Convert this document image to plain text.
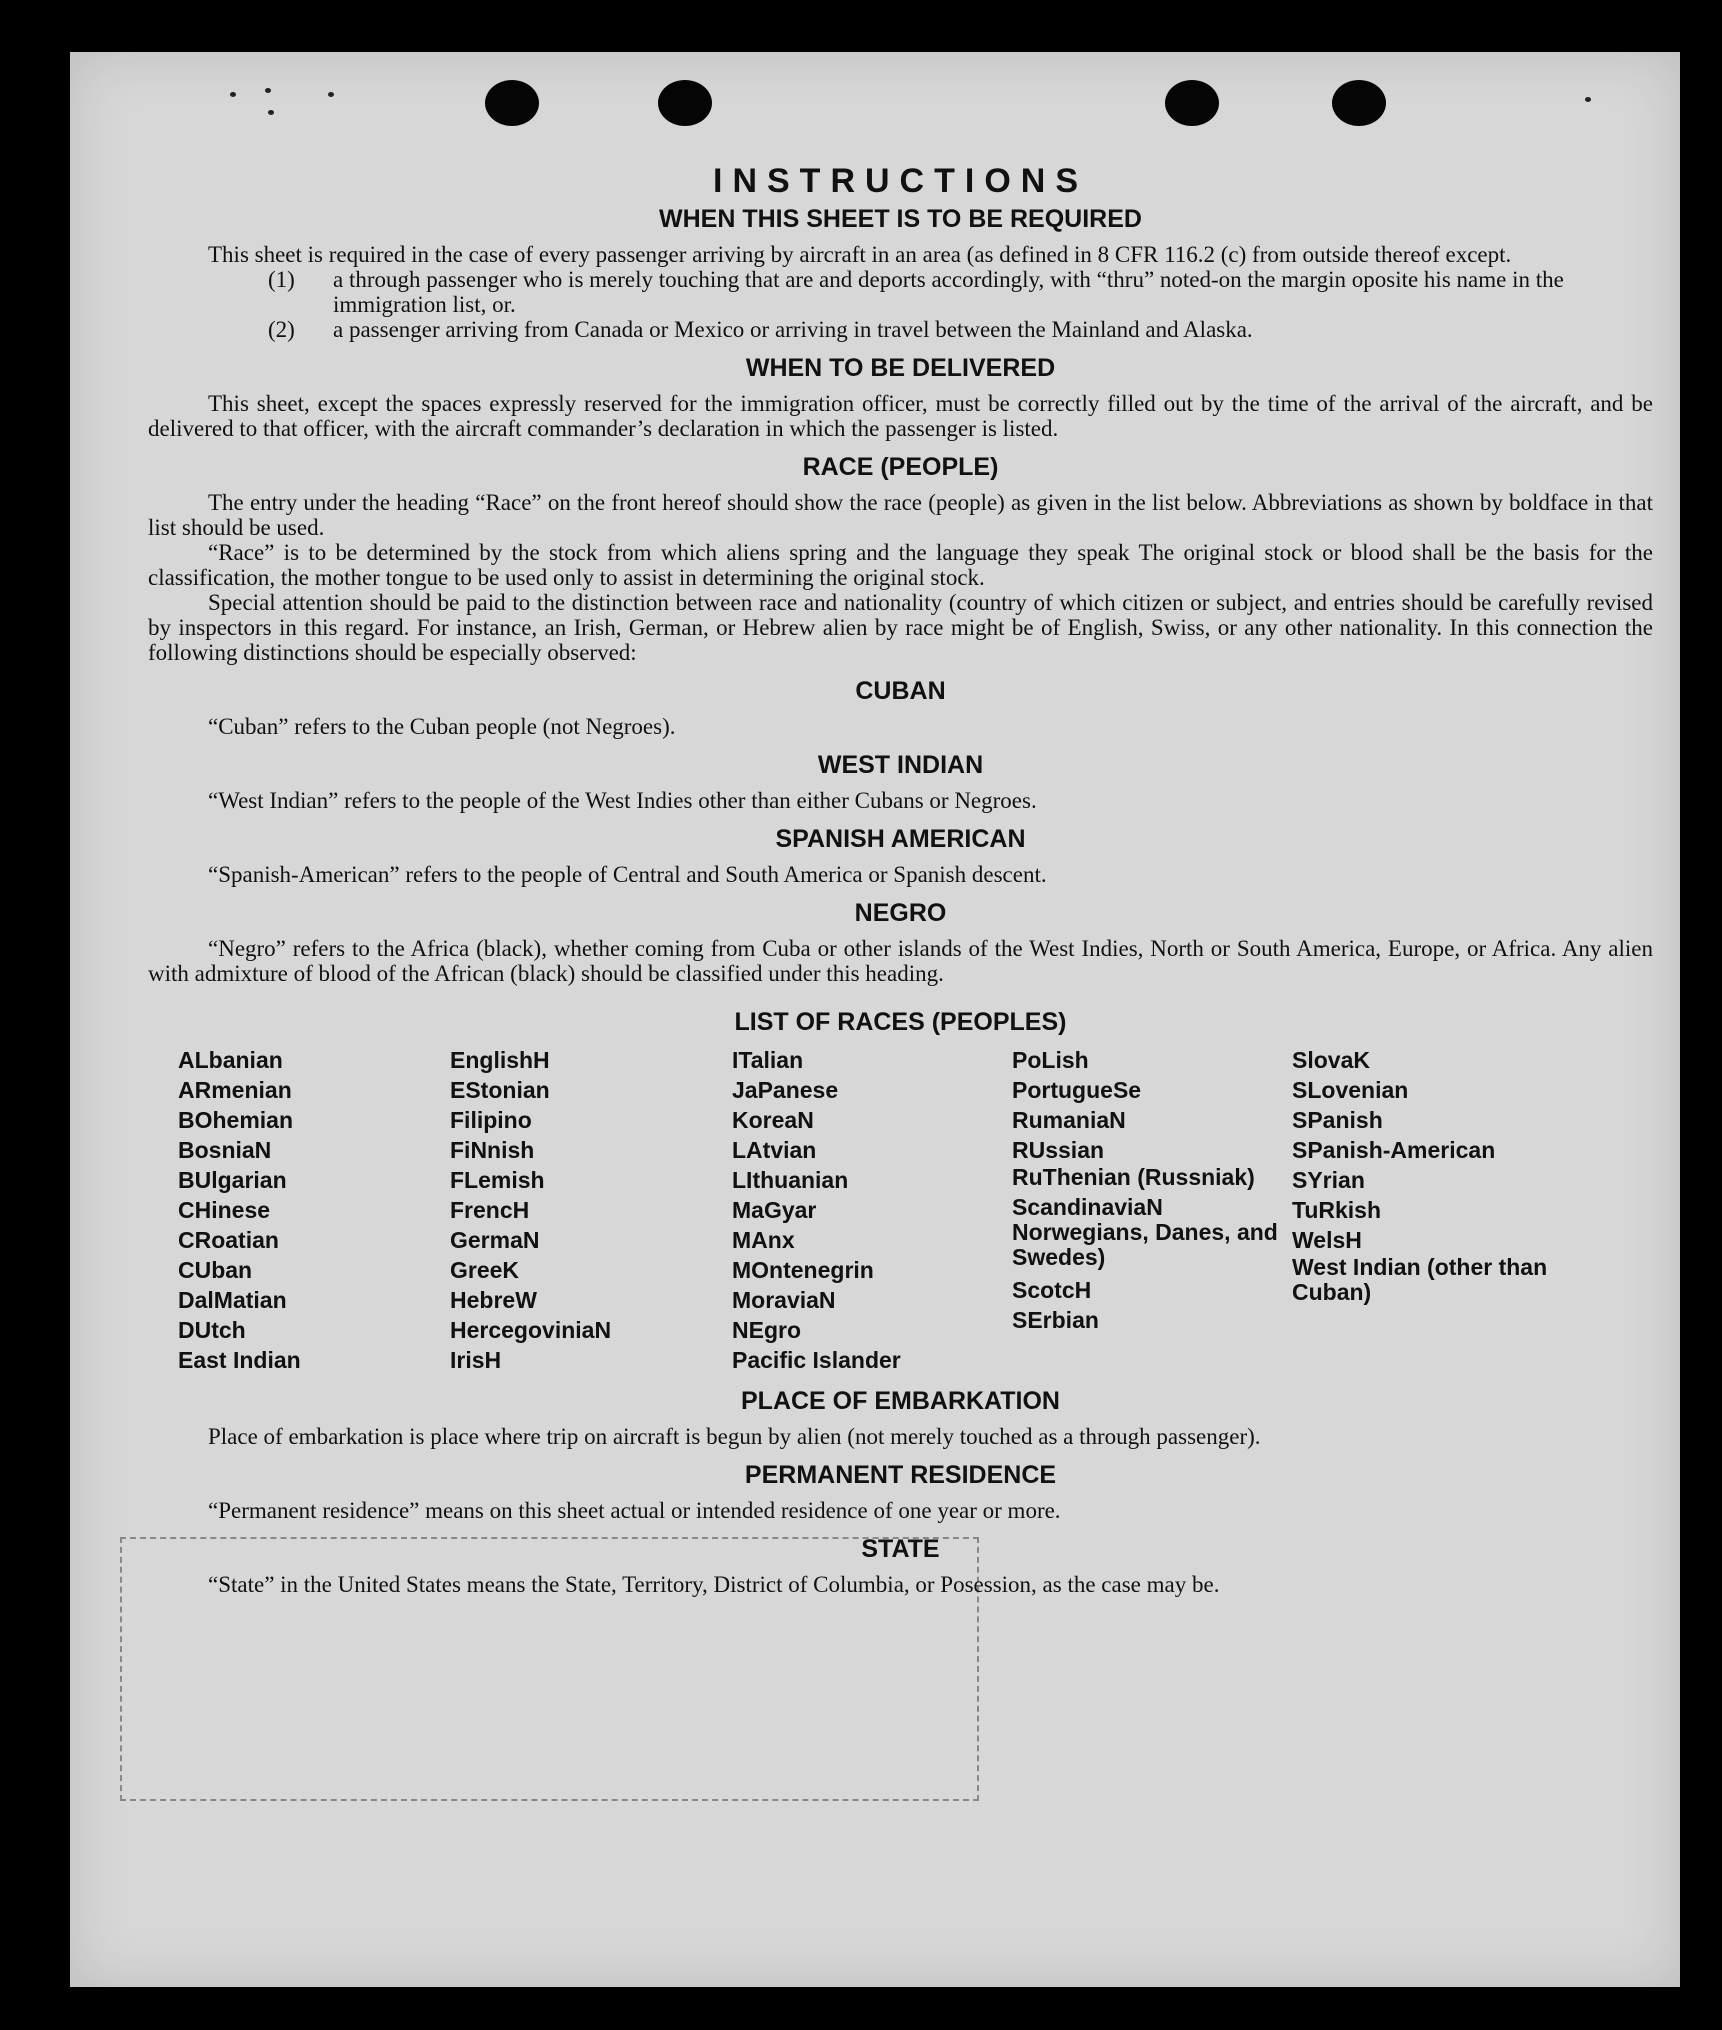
INSTRUCTIONS
WHEN THIS SHEET IS TO BE REQUIRED

This sheet is required in the case of every passenger arriving by aircraft in an area (as defined in 8 CFR 116.2 (c) from outside thereof except.

(1)	a through passenger who is merely touching that are and deports accordingly, with “thru” noted-on the margin oposite his name in the immigration list, or.
(2)	a passenger arriving from Canada or Mexico or arriving in travel between the Mainland and Alaska.
WHEN TO BE DELIVERED

This sheet, except the spaces expressly reserved for the immigration officer, must be correctly filled out by the time of the arrival of the aircraft, and be delivered to that officer, with the aircraft commander’s declaration in which the passenger is listed.

RACE (PEOPLE)

The entry under the heading “Race” on the front hereof should show the race (people) as given in the list below. Abbreviations as shown by boldface in that list should be used.

“Race” is to be determined by the stock from which aliens spring and the language they speak The original stock or blood shall be the basis for the classification, the mother tongue to be used only to assist in determining the original stock.

Special attention should be paid to the distinction between race and nationality (country of which citizen or subject, and entries should be carefully revised by inspectors in this regard. For instance, an Irish, German, or Hebrew alien by race might be of English, Swiss, or any other nationality. In this connection the following distinctions should be especially observed:

CUBAN

“Cuban” refers to the Cuban people (not Negroes).

WEST INDIAN

“West Indian” refers to the people of the West Indies other than either Cubans or Negroes.

SPANISH AMERICAN

“Spanish-American” refers to the people of Central and South America or Spanish descent.

NEGRO

“Negro” refers to the Africa (black), whether coming from Cuba or other islands of the West Indies, North or South America, Europe, or Africa. Any alien with admixture of blood of the African (black) should be classified under this heading.

LIST OF RACES (PEOPLES)
ALbanian
ARmenian
BOhemian
BosniaN
BUlgarian
CHinese
CRoatian
CUban
DalMatian
DUtch
East Indian
EnglishH
EStonian
Filipino
FiNnish
FLemish
FrencH
GermaN
GreeK
HebreW
HercegoviniaN
IrisH
ITalian
JaPanese
KoreaN
LAtvian
LIthuanian
MaGyar
MAnx
MOntenegrin
MoraviaN
NEgro
Pacific Islander
PoLish
PortugueSe
RumaniaN
RUssian
RuThenian (Russniak)
ScandinaviaN Norwegians, Danes, and Swedes)
ScotcH
SErbian
SlovaK
SLovenian
SPanish
SPanish-American
SYrian
TuRkish
WelsH
West Indian (other than Cuban)
PLACE OF EMBARKATION

Place of embarkation is place where trip on aircraft is begun by alien (not merely touched as a through passenger).

PERMANENT RESIDENCE

“Permanent residence” means on this sheet actual or intended residence of one year or more.

STATE

“State” in the United States means the State, Territory, District of Columbia, or Posession, as the case may be.
